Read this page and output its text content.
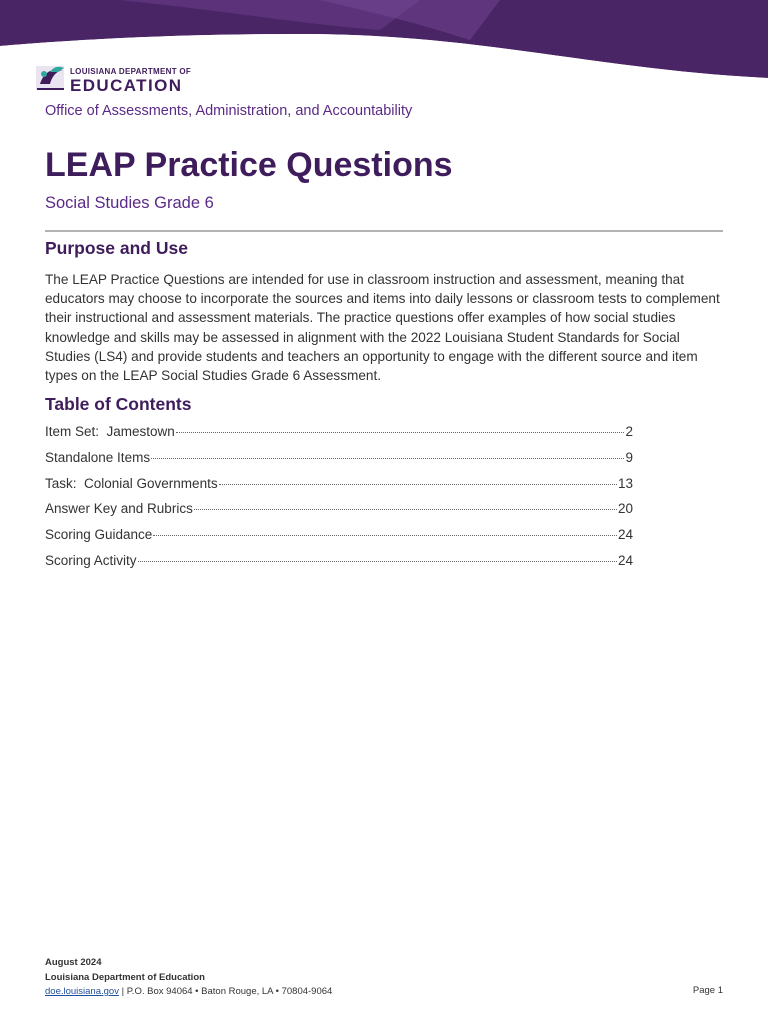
LOUISIANA DEPARTMENT OF
EDUCATION
Office of Assessments, Administration, and Accountability
LEAP Practice Questions
Social Studies Grade 6
Purpose and Use
The LEAP Practice Questions are intended for use in classroom instruction and assessment, meaning that educators may choose to incorporate the sources and items into daily lessons or classroom tests to complement their instructional and assessment materials. The practice questions offer examples of how social studies knowledge and skills may be assessed in alignment with the 2022 Louisiana Student Standards for Social Studies (LS4) and provide students and teachers an opportunity to engage with the different source and item types on the LEAP Social Studies Grade 6 Assessment.
Table of Contents
Item Set:  Jamestown	2
Standalone Items	9
Task:  Colonial Governments	13
Answer Key and Rubrics	20
Scoring Guidance	24
Scoring Activity	24
August 2024
Louisiana Department of Education
doe.louisiana.gov | P.O. Box 94064 • Baton Rouge, LA • 70804-9064	Page 1
